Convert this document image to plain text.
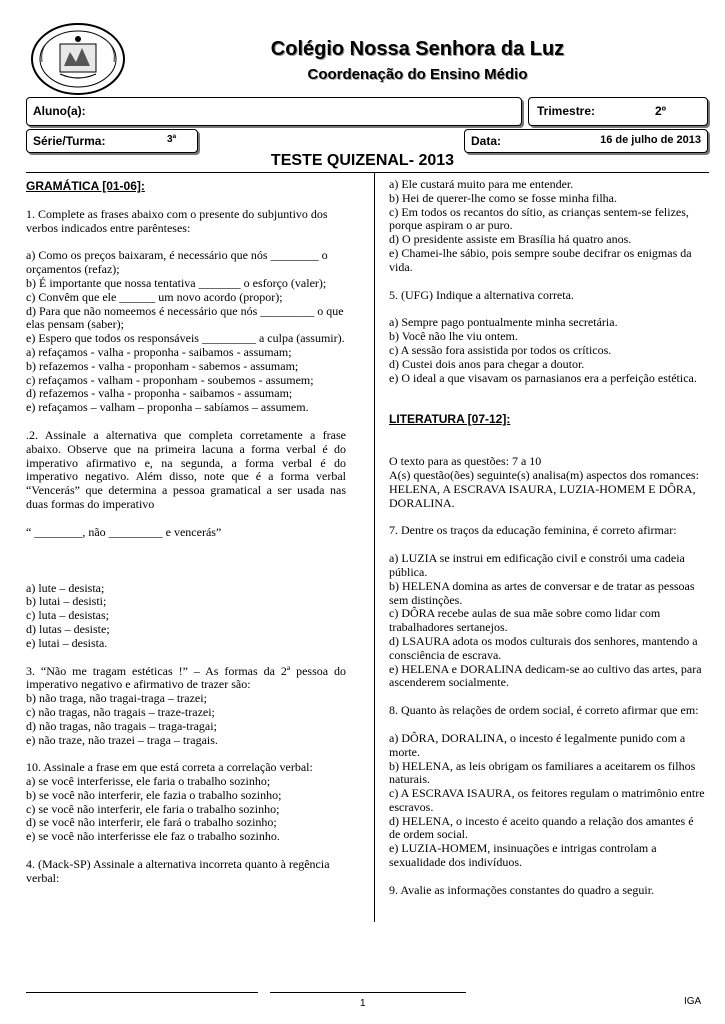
Colégio Nossa Senhora da Luz
Coordenação do Ensino Médio
Aluno(a):	Trimestre:	2º
Série/Turma:	3ª	Data:	16 de julho de 2013
TESTE QUIZENAL- 2013

GRAMÁTICA [01-06]:

1. Complete as frases abaixo com o presente do subjuntivo dos verbos indicados entre parênteses:

a) Como os preços baixaram, é necessário que nós ________ o orçamentos (refaz);

b) É importante que nossa tentativa _______ o esforço (valer);

c) Convêm que ele ______ um novo acordo (propor);

d) Para que não nomeemos é necessário que nós _________ o que elas pensam (saber);

e) Espero que todos os responsáveis _________ a culpa (assumir).

a) refaçamos - valha - proponha - saibamos - assumam;

b) refazemos - valha - proponham - sabemos - assumam;

c) refaçamos - valham - proponham - soubemos - assumem;

d) refazemos - valha - proponha - saibamos - assumam;

e) refaçamos – valham – proponha – sabíamos – assumem.

.2. Assinale a alternativa que completa corretamente a frase abaixo. Observe que na primeira lacuna a forma verbal é do imperativo afirmativo e, na segunda, a forma verbal é do imperativo negativo. Além disso, note que é a forma verbal “Vencerás” que determina a pessoa gramatical a ser usada nas duas formas do imperativo

“ ________, não _________ e vencerás”

a) lute – desista;

b) lutai – desisti;

c) luta – desistas;

d) lutas – desiste;

e) lutai – desista.

3. “Não me tragam estéticas !” – As formas da 2ª pessoa do imperativo negativo e afirmativo de trazer são:

b) não traga, não tragai-traga – trazei;

c) não tragas, não tragais – traze-trazei;

d) não tragas, não tragais – traga-tragai;

e) não traze, não trazei – traga – tragais.

10. Assinale a frase em que está correta a correlação verbal:

a) se você interferisse, ele faria o trabalho sozinho;

b) se você não interferir, ele fazia o trabalho sozinho;

c) se você não interferir, ele faria o trabalho sozinho;

d) se você não interferir, ele fará o trabalho sozinho;

e) se você não interferisse ele faz o trabalho sozinho.

4. (Mack-SP) Assinale a alternativa incorreta quanto à regência verbal:

a) Ele custará muito para me entender.

b) Hei de querer-lhe como se fosse minha filha.

c) Em todos os recantos do sítio, as crianças sentem-se felizes, porque aspiram o ar puro.

d) O presidente assiste em Brasília há quatro anos.

e) Chamei-lhe sábio, pois sempre soube decifrar os enigmas da vida.

5. (UFG) Indique a alternativa correta.

a) Sempre pago pontualmente minha secretária.

b) Você não lhe viu ontem.

c) A sessão fora assistida por todos os críticos.

d) Custei dois anos para chegar a doutor.

e) O ideal a que visavam os parnasianos era a perfeição estética.

LITERATURA [07-12]:

O texto para as questões: 7 a 10

A(s) questão(ões) seguinte(s) analisa(m) aspectos dos romances: HELENA, A ESCRAVA ISAURA, LUZIA-HOMEM E DÔRA, DORALINA.

7. Dentre os traços da educação feminina, é correto afirmar:

a) LUZIA se instrui em edificação civil e constrói uma cadeia pública.

b) HELENA domina as artes de conversar e de tratar as pessoas sem distinções.

c) DÔRA recebe aulas de sua mãe sobre como lidar com trabalhadores sertanejos.

d) LSAURA adota os modos culturais dos senhores, mantendo a consciência de escrava.

e) HELENA e DORALINA dedicam-se ao cultivo das artes, para ascenderem socialmente.

8. Quanto às relações de ordem social, é correto afirmar que em:

a) DÔRA, DORALINA, o incesto é legalmente punido com a morte.

b) HELENA, as leis obrigam os familiares a aceitarem os filhos naturais.

c) A ESCRAVA ISAURA, os feitores regulam o matrimônio entre escravos.

d) HELENA, o incesto é aceito quando a relação dos amantes é de ordem social.

e) LUZIA-HOMEM, insinuações e intrigas controlam a sexualidade dos indivíduos.

9. Avalie as informações constantes do quadro a seguir.

1	IGA
